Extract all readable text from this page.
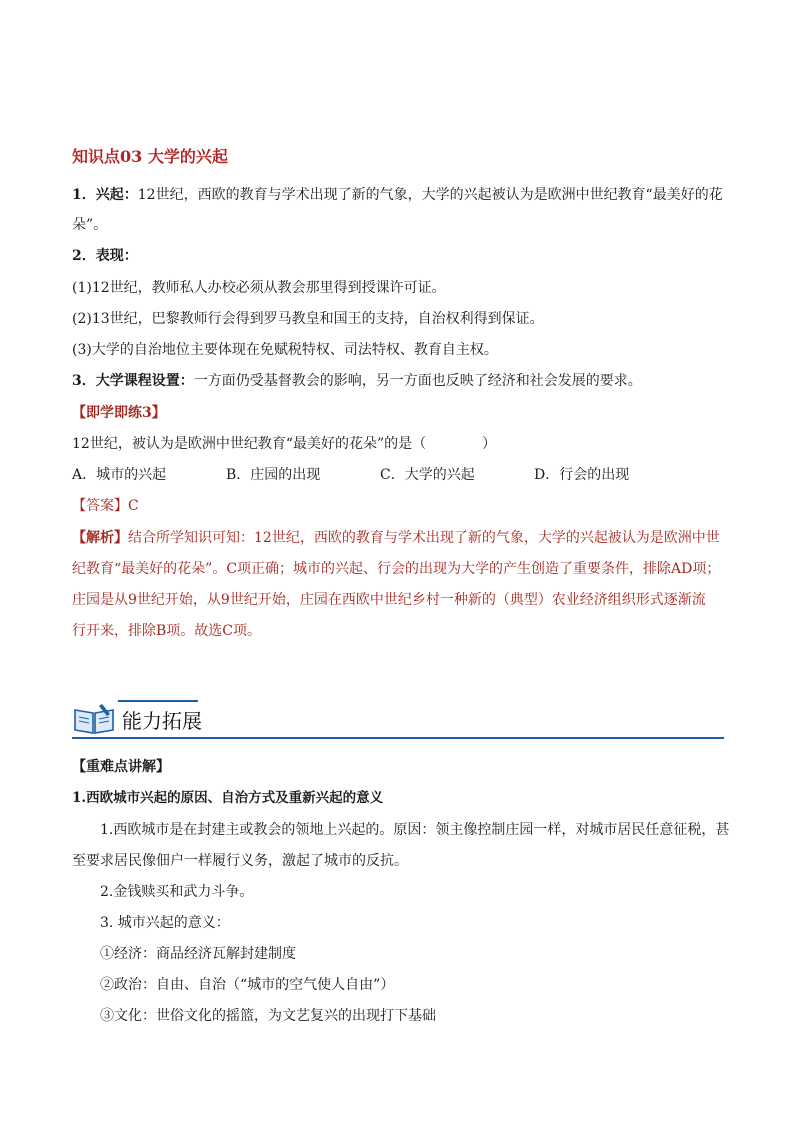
知识点03 大学的兴起
1．兴起：12世纪，西欧的教育与学术出现了新的气象，大学的兴起被认为是欧洲中世纪教育“最美好的花
朵”。
2．表现：
(1)12世纪，教师私人办校必须从教会那里得到授课许可证。
(2)13世纪，巴黎教师行会得到罗马教皇和国王的支持，自治权利得到保证。
(3)大学的自治地位主要体现在免赋税特权、司法特权、教育自主权。
3．大学课程设置：一方面仍受基督教会的影响，另一方面也反映了经济和社会发展的要求。
【即学即练3】
12世纪，被认为是欧洲中世纪教育“最美好的花朵”的是（　　　　）
A．城市的兴起	B．庄园的出现	C．大学的兴起	D．行会的出现
【答案】C
【解析】结合所学知识可知：12世纪，西欧的教育与学术出现了新的气象，大学的兴起被认为是欧洲中世
纪教育“最美好的花朵”。C项正确；城市的兴起、行会的出现为大学的产生创造了重要条件，排除AD项；
庄园是从9世纪开始，从9世纪开始，庄园在西欧中世纪乡村一种新的（典型）农业经济组织形式逐渐流
行开来，排除B项。故选C项。
能力拓展
【重难点讲解】
1.西欧城市兴起的原因、自治方式及重新兴起的意义
1.西欧城市是在封建主或教会的领地上兴起的。原因：领主像控制庄园一样，对城市居民任意征税，甚
至要求居民像佃户一样履行义务，激起了城市的反抗。
2.金钱赎买和武力斗争。
3. 城市兴起的意义：
①经济：商品经济瓦解封建制度
②政治：自由、自治（“城市的空气使人自由”）
③文化：世俗文化的摇篮，为文艺复兴的出现打下基础
